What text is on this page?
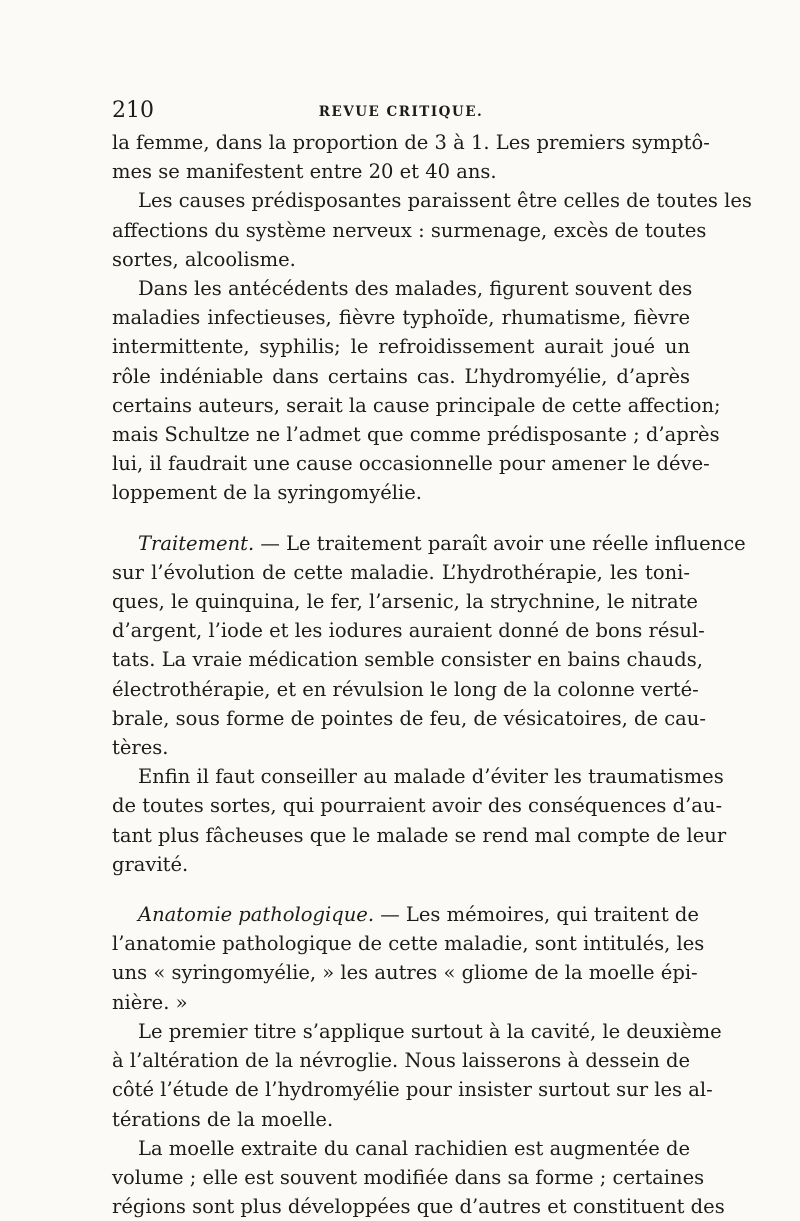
210	REVUE CRITIQUE.

la femme, dans la proportion de 3 à 1. Les premiers symptô-
mes se manifestent entre 20 et 40 ans.

Les causes prédisposantes paraissent être celles de toutes les
affections du système nerveux : surmenage, excès de toutes
sortes, alcoolisme.

Dans les antécédents des malades, figurent souvent des
maladies infectieuses, fièvre typhoïde, rhumatisme, fièvre
intermittente, syphilis; le refroidissement aurait joué un
rôle indéniable dans certains cas. L’hydromyélie, d’après
certains auteurs, serait la cause principale de cette affection;
mais Schultze ne l’admet que comme prédisposante ; d’après
lui, il faudrait une cause occasionnelle pour amener le déve-
loppement de la syringomyélie.

Traitement. — Le traitement paraît avoir une réelle influence
sur l’évolution de cette maladie. L’hydrothérapie, les toni-
ques, le quinquina, le fer, l’arsenic, la strychnine, le nitrate
d’argent, l’iode et les iodures auraient donné de bons résul-
tats. La vraie médication semble consister en bains chauds,
électrothérapie, et en révulsion le long de la colonne verté-
brale, sous forme de pointes de feu, de vésicatoires, de cau-
tères.

Enfin il faut conseiller au malade d’éviter les traumatismes
de toutes sortes, qui pourraient avoir des conséquences d’au-
tant plus fâcheuses que le malade se rend mal compte de leur
gravité.

Anatomie pathologique. — Les mémoires, qui traitent de
l’anatomie pathologique de cette maladie, sont intitulés, les
uns « syringomyélie, » les autres « gliome de la moelle épi-
nière. »

Le premier titre s’applique surtout à la cavité, le deuxième
à l’altération de la névroglie. Nous laisserons à dessein de
côté l’étude de l’hydromyélie pour insister surtout sur les al-
térations de la moelle.

La moelle extraite du canal rachidien est augmentée de
volume ; elle est souvent modifiée dans sa forme ; certaines
régions sont plus développées que d’autres et constituent des
